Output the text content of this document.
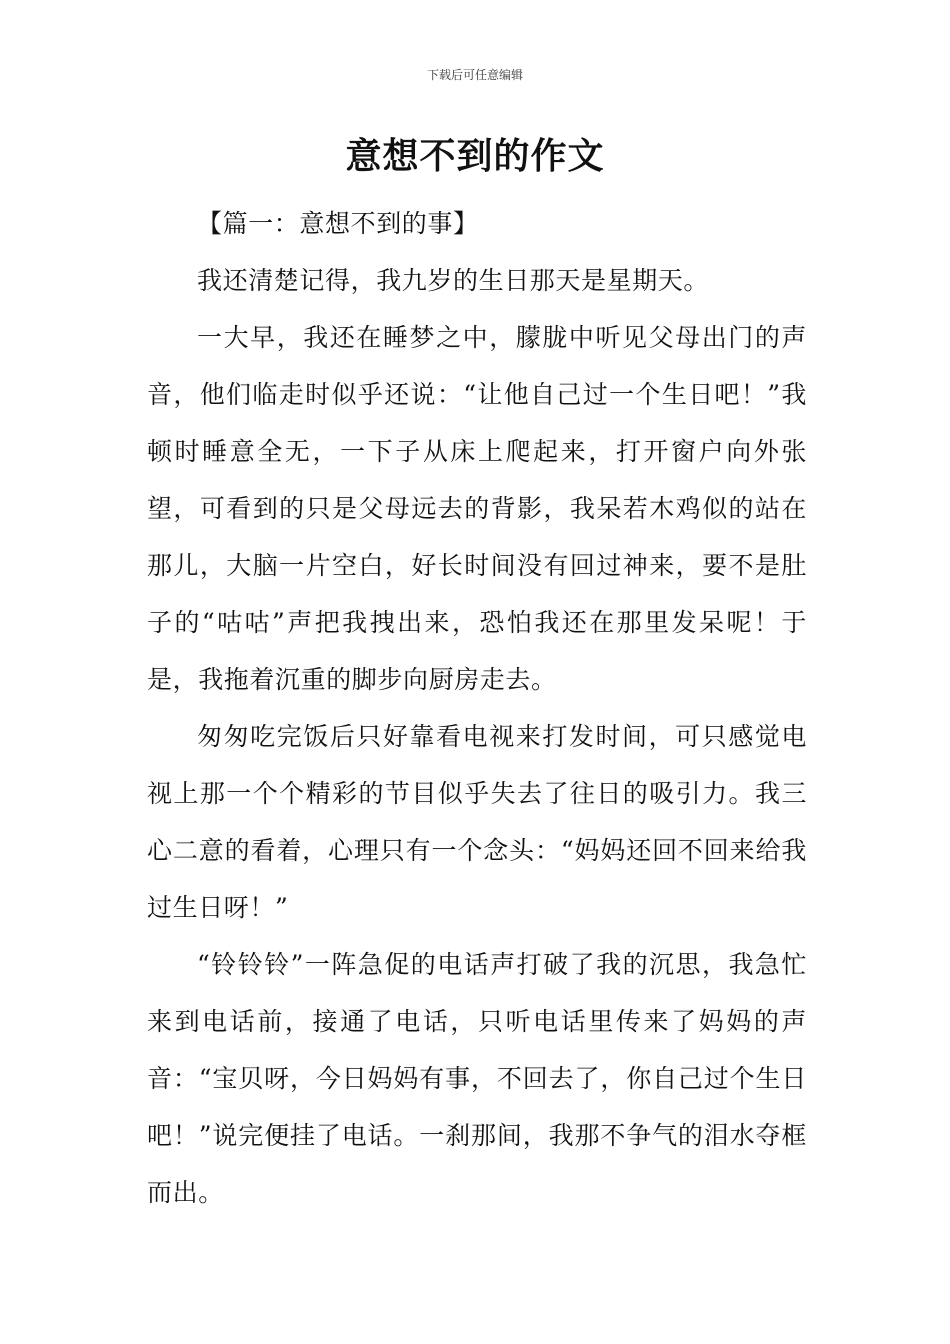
下载后可任意编辑
意想不到的作文

【篇一：意想不到的事】

我还清楚记得，我九岁的生日那天是星期天。

一大早，我还在睡梦之中，朦胧中听见父母出门的声音，他们临走时似乎还说：“让他自己过一个生日吧！”我顿时睡意全无，一下子从床上爬起来，打开窗户向外张望，可看到的只是父母远去的背影，我呆若木鸡似的站在那儿，大脑一片空白，好长时间没有回过神来，要不是肚子的“咕咕”声把我拽出来，恐怕我还在那里发呆呢！于是，我拖着沉重的脚步向厨房走去。

匆匆吃完饭后只好靠看电视来打发时间，可只感觉电视上那一个个精彩的节目似乎失去了往日的吸引力。我三心二意的看着，心理只有一个念头：“妈妈还回不回来给我过生日呀！”

“铃铃铃”一阵急促的电话声打破了我的沉思，我急忙来到电话前，接通了电话，只听电话里传来了妈妈的声音：“宝贝呀，今日妈妈有事，不回去了，你自己过个生日吧！”说完便挂了电话。一刹那间，我那不争气的泪水夺框而出。
